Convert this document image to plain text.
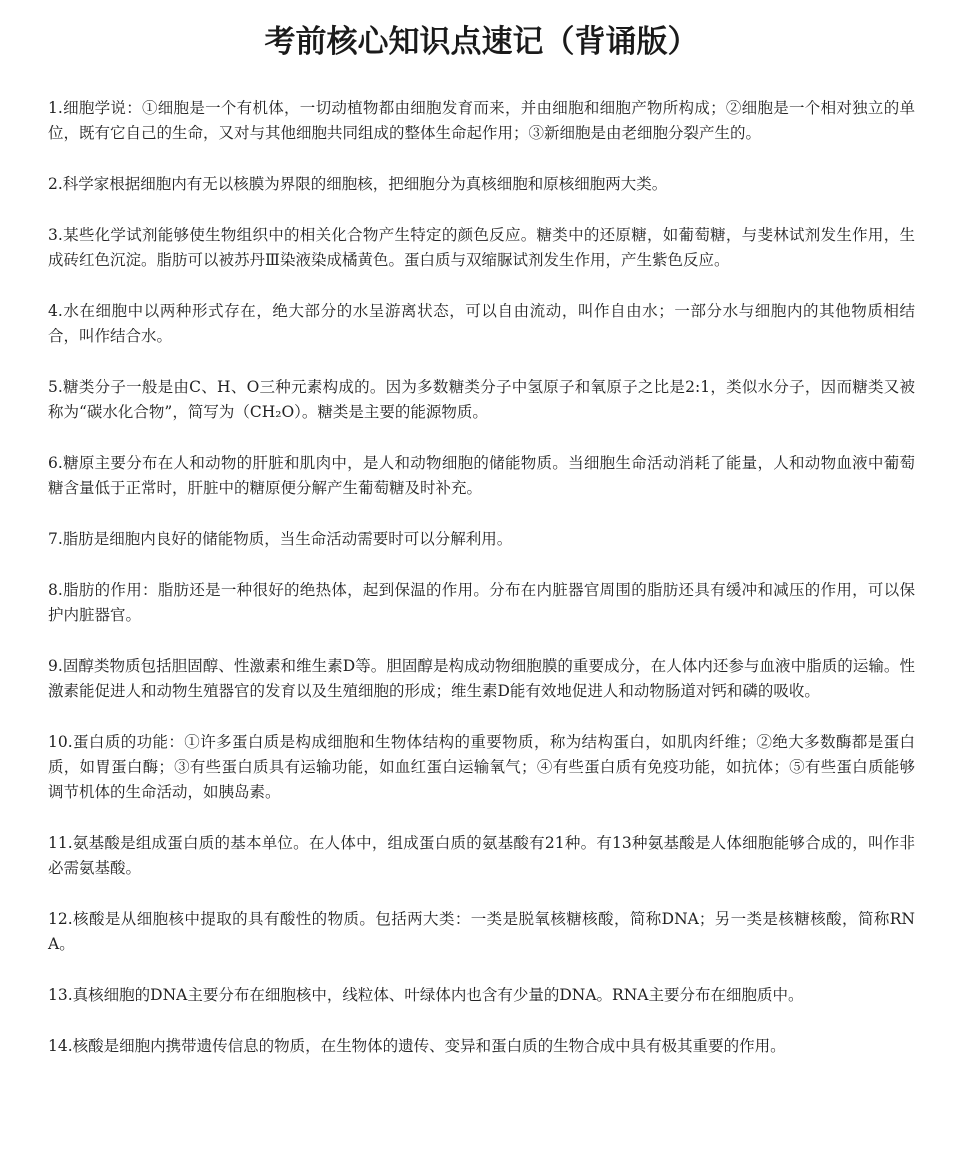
考前核心知识点速记（背诵版）

1.细胞学说：①细胞是一个有机体，一切动植物都由细胞发育而来，并由细胞和细胞产物所构成；②细胞是一个相对独立的单位，既有它自己的生命，又对与其他细胞共同组成的整体生命起作用；③新细胞是由老细胞分裂产生的。

2.科学家根据细胞内有无以核膜为界限的细胞核，把细胞分为真核细胞和原核细胞两大类。

3.某些化学试剂能够使生物组织中的相关化合物产生特定的颜色反应。糖类中的还原糖，如葡萄糖，与斐林试剂发生作用，生成砖红色沉淀。脂肪可以被苏丹Ⅲ染液染成橘黄色。蛋白质与双缩脲试剂发生作用，产生紫色反应。

4.水在细胞中以两种形式存在，绝大部分的水呈游离状态，可以自由流动，叫作自由水；一部分水与细胞内的其他物质相结合，叫作结合水。

5.糖类分子一般是由C、H、O三种元素构成的。因为多数糖类分子中氢原子和氧原子之比是2:1，类似水分子，因而糖类又被称为“碳水化合物”，简写为（CH₂O）。糖类是主要的能源物质。

6.糖原主要分布在人和动物的肝脏和肌肉中，是人和动物细胞的储能物质。当细胞生命活动消耗了能量，人和动物血液中葡萄糖含量低于正常时，肝脏中的糖原便分解产生葡萄糖及时补充。

7.脂肪是细胞内良好的储能物质，当生命活动需要时可以分解利用。

8.脂肪的作用：脂肪还是一种很好的绝热体，起到保温的作用。分布在内脏器官周围的脂肪还具有缓冲和减压的作用，可以保护内脏器官。

9.固醇类物质包括胆固醇、性激素和维生素D等。胆固醇是构成动物细胞膜的重要成分，在人体内还参与血液中脂质的运输。性激素能促进人和动物生殖器官的发育以及生殖细胞的形成；维生素D能有效地促进人和动物肠道对钙和磷的吸收。

10.蛋白质的功能：①许多蛋白质是构成细胞和生物体结构的重要物质，称为结构蛋白，如肌肉纤维；②绝大多数酶都是蛋白质，如胃蛋白酶；③有些蛋白质具有运输功能，如血红蛋白运输氧气；④有些蛋白质有免疫功能，如抗体；⑤有些蛋白质能够调节机体的生命活动，如胰岛素。

11.氨基酸是组成蛋白质的基本单位。在人体中，组成蛋白质的氨基酸有21种。有13种氨基酸是人体细胞能够合成的，叫作非必需氨基酸。

12.核酸是从细胞核中提取的具有酸性的物质。包括两大类：一类是脱氧核糖核酸，简称DNA；另一类是核糖核酸，简称RNA。

13.真核细胞的DNA主要分布在细胞核中，线粒体、叶绿体内也含有少量的DNA。RNA主要分布在细胞质中。

14.核酸是细胞内携带遗传信息的物质，在生物体的遗传、变异和蛋白质的生物合成中具有极其重要的作用。
